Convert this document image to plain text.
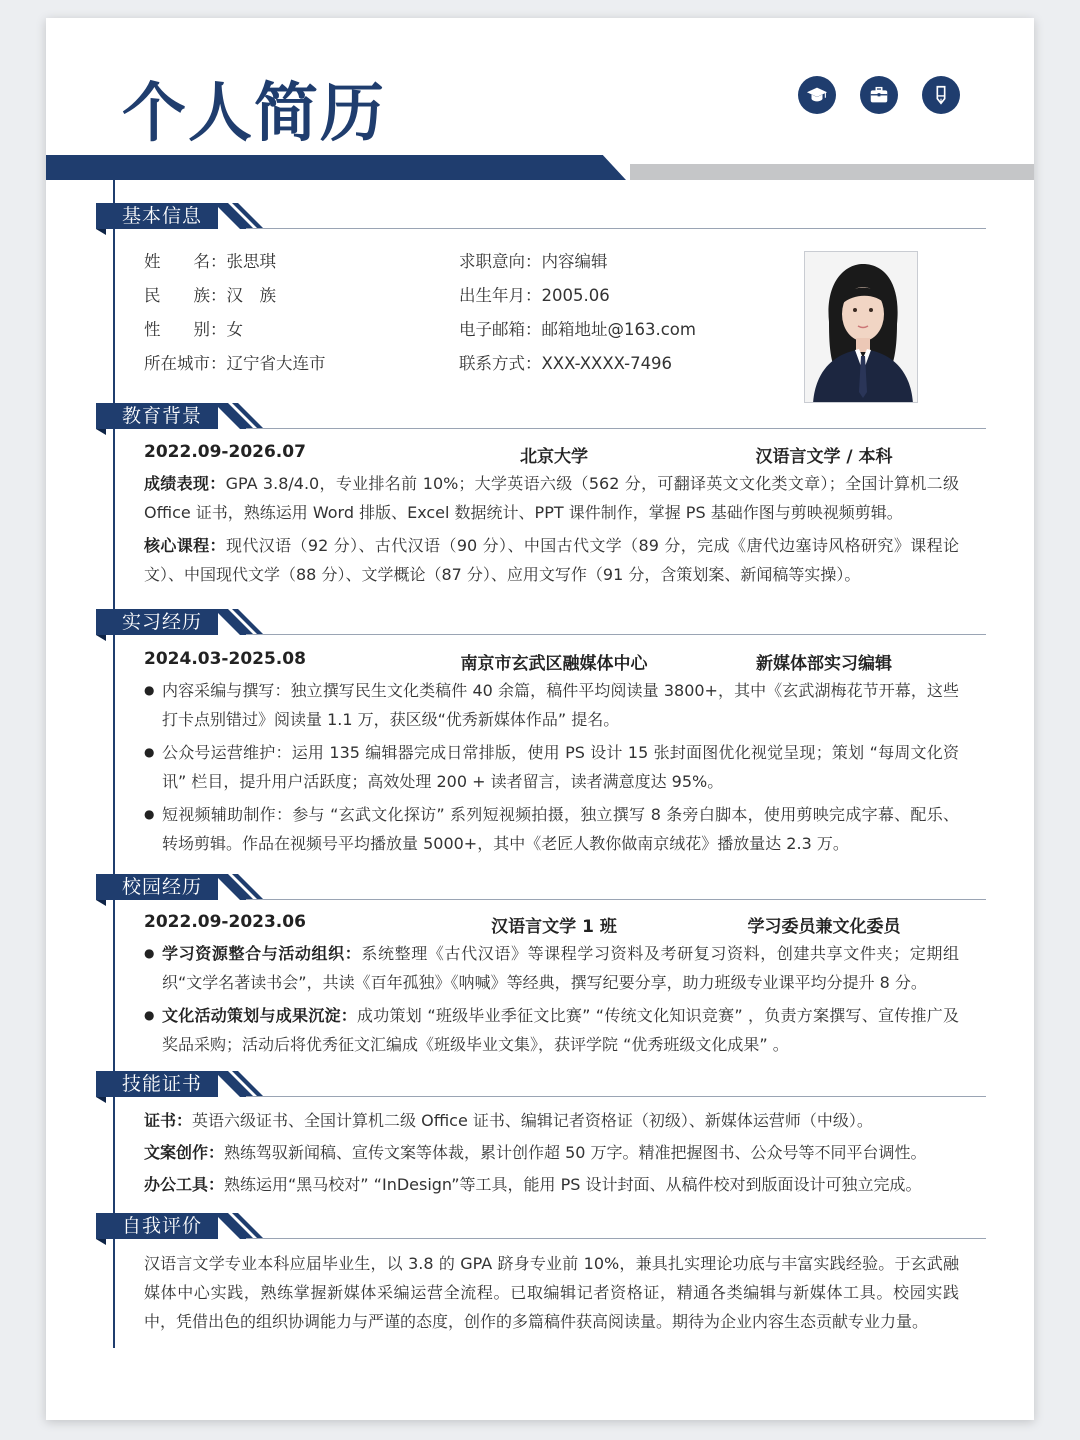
个人简历
基本信息
姓　　名：张思琪
民　　族：汉　族
性　　别：女
所在城市：辽宁省大连市
求职意向：内容编辑
出生年月：2005.06
电子邮箱：邮箱地址@163.com
联系方式：XXX-XXXX-7496
教育背景
2022.09-2026.07	北京大学	汉语言文学 / 本科
成绩表现：GPA 3.8/4.0，专业排名前 10%；大学英语六级（562 分，可翻译英文文化类文章）；全国计算机二级 Office 证书，熟练运用 Word 排版、Excel 数据统计、PPT 课件制作，掌握 PS 基础作图与剪映视频剪辑。
核心课程：现代汉语（92 分）、古代汉语（90 分）、中国古代文学（89 分，完成《唐代边塞诗风格研究》课程论文）、中国现代文学（88 分）、文学概论（87 分）、应用文写作（91 分，含策划案、新闻稿等实操）。
实习经历
2024.03-2025.08	南京市玄武区融媒体中心	新媒体部实习编辑
● 内容采编与撰写：独立撰写民生文化类稿件 40 余篇，稿件平均阅读量 3800+，其中《玄武湖梅花节开幕，这些打卡点别错过》阅读量 1.1 万，获区级“优秀新媒体作品” 提名。
● 公众号运营维护：运用 135 编辑器完成日常排版，使用 PS 设计 15 张封面图优化视觉呈现；策划 “每周文化资讯” 栏目，提升用户活跃度；高效处理 200 + 读者留言，读者满意度达 95%。
● 短视频辅助制作：参与 “玄武文化探访” 系列短视频拍摄，独立撰写 8 条旁白脚本，使用剪映完成字幕、配乐、转场剪辑。作品在视频号平均播放量 5000+，其中《老匠人教你做南京绒花》播放量达 2.3 万。
校园经历
2022.09-2023.06	汉语言文学 1 班	学习委员兼文化委员
● 学习资源整合与活动组织：系统整理《古代汉语》等课程学习资料及考研复习资料，创建共享文件夹；定期组织“文学名著读书会”，共读《百年孤独》《呐喊》等经典，撰写纪要分享，助力班级专业课平均分提升 8 分。
● 文化活动策划与成果沉淀：成功策划 “班级毕业季征文比赛” “传统文化知识竞赛” ，负责方案撰写、宣传推广及奖品采购；活动后将优秀征文汇编成《班级毕业文集》，获评学院 “优秀班级文化成果” 。
技能证书
证书：英语六级证书、全国计算机二级 Office 证书、编辑记者资格证（初级）、新媒体运营师（中级）。
文案创作：熟练驾驭新闻稿、宣传文案等体裁，累计创作超 50 万字。精准把握图书、公众号等不同平台调性。
办公工具：熟练运用“黑马校对” “InDesign”等工具，能用 PS 设计封面、从稿件校对到版面设计可独立完成。
自我评价
汉语言文学专业本科应届毕业生，以 3.8 的 GPA 跻身专业前 10%，兼具扎实理论功底与丰富实践经验。于玄武融媒体中心实践，熟练掌握新媒体采编运营全流程。已取编辑记者资格证，精通各类编辑与新媒体工具。校园实践中，凭借出色的组织协调能力与严谨的态度，创作的多篇稿件获高阅读量。期待为企业内容生态贡献专业力量。
